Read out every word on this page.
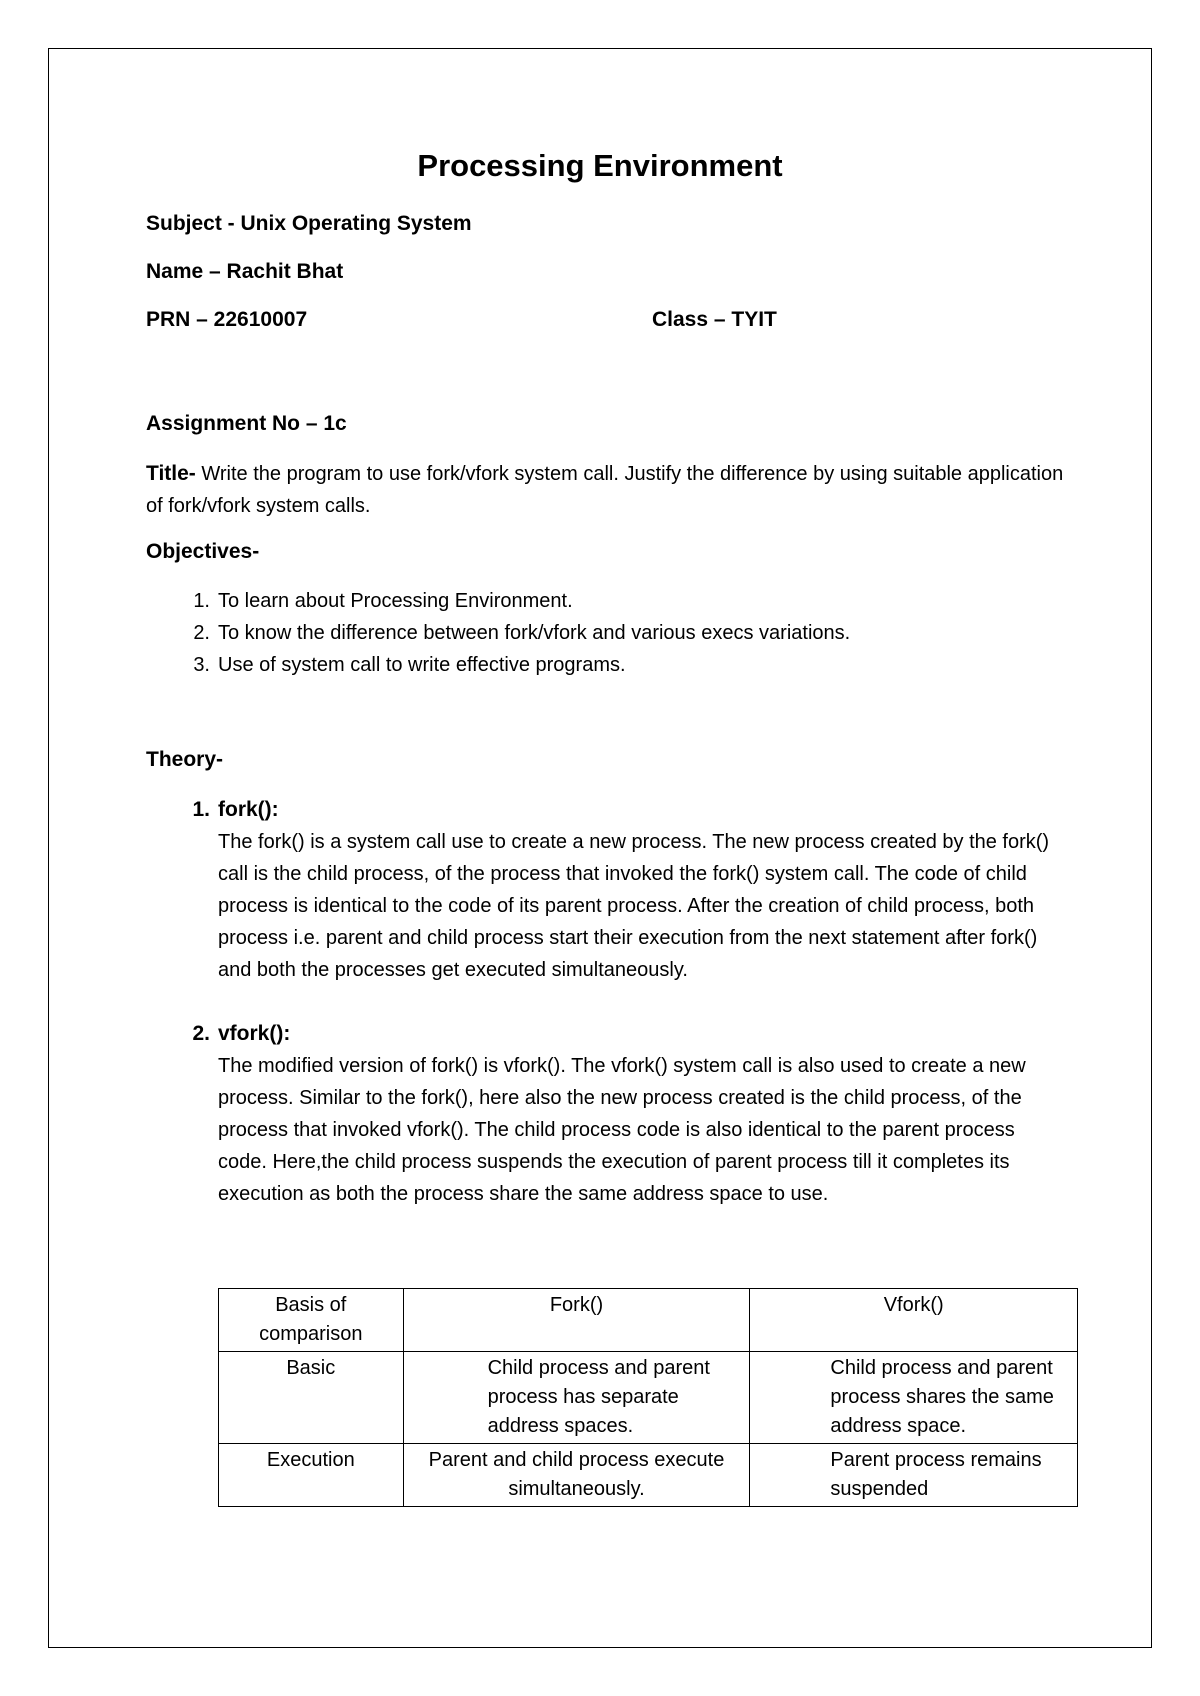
Processing Environment
Subject - Unix Operating System
Name – Rachit Bhat
PRN – 22610007	Class – TYIT
Assignment No – 1c
Title- Write the program to use fork/vfork system call. Justify the difference by using suitable application of fork/vfork system calls.
Objectives-
1. To learn about Processing Environment.
2. To know the difference between fork/vfork and various execs variations.
3. Use of system call to write effective programs.
Theory-
1. fork():
The fork() is a system call use to create a new process. The new process created by the fork() call is the child process, of the process that invoked the fork() system call. The code of child process is identical to the code of its parent process. After the creation of child process, both process i.e. parent and child process start their execution from the next statement after fork() and both the processes get executed simultaneously.
2. vfork():
The modified version of fork() is vfork(). The vfork() system call is also used to create a new process. Similar to the fork(), here also the new process created is the child process, of the process that invoked vfork(). The child process code is also identical to the parent process code. Here,the child process suspends the execution of parent process till it completes its execution as both the process share the same address space to use.
Basis of comparison	Fork()	Vfork()
Basic	Child process and parent process has separate address spaces.	Child process and parent process shares the same address space.
Execution	Parent and child process execute simultaneously.	Parent process remains suspended
